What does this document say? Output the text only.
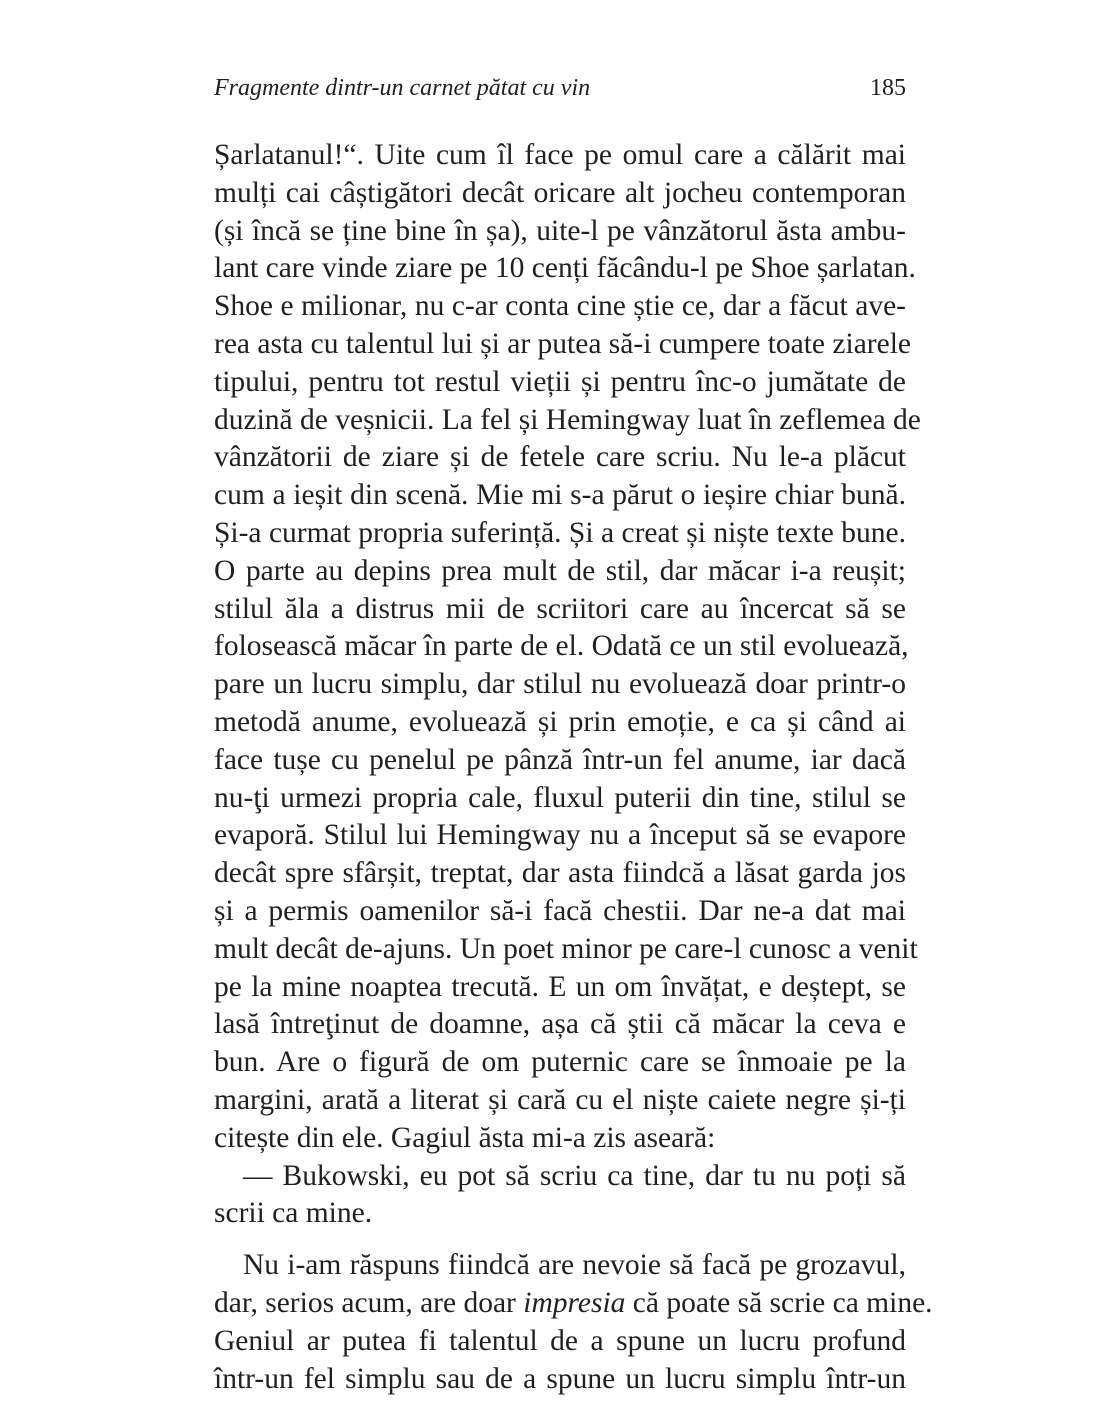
Fragmente dintr-un carnet pătat cu vin	185
Șarlatanul!“. Uite cum îl face pe omul care a călărit mai
mulți cai câștigători decât oricare alt jocheu contemporan
(și încă se ține bine în șa), uite-l pe vânzătorul ăsta ambu-
lant care vinde ziare pe 10 cenți făcându-l pe Shoe șarlatan.
Shoe e milionar, nu c-ar conta cine știe ce, dar a făcut ave-
rea asta cu talentul lui și ar putea să-i cumpere toate ziarele
tipului, pentru tot restul vieții și pentru înc-o jumătate de
duzină de veșnicii. La fel și Hemingway luat în zeflemea de
vânzătorii de ziare și de fetele care scriu. Nu le-a plăcut
cum a ieșit din scenă. Mie mi s-a părut o ieșire chiar bună.
Și-a curmat propria suferință. Și a creat și niște texte bune.
O parte au depins prea mult de stil, dar măcar i-a reușit;
stilul ăla a distrus mii de scriitori care au încercat să se
folosească măcar în parte de el. Odată ce un stil evoluează,
pare un lucru simplu, dar stilul nu evoluează doar printr-o
metodă anume, evoluează și prin emoție, e ca și când ai
face tușe cu penelul pe pânză într-un fel anume, iar dacă
nu-ţi urmezi propria cale, fluxul puterii din tine, stilul se
evaporă. Stilul lui Hemingway nu a început să se evapore
decât spre sfârșit, treptat, dar asta fiindcă a lăsat garda jos
și a permis oamenilor să-i facă chestii. Dar ne-a dat mai
mult decât de-ajuns. Un poet minor pe care-l cunosc a venit
pe la mine noaptea trecută. E un om învățat, e deștept, se
lasă întreţinut de doamne, așa că știi că măcar la ceva e
bun. Are o figură de om puternic care se înmoaie pe la
margini, arată a literat și cară cu el niște caiete negre și-ți
citește din ele. Gagiul ăsta mi-a zis aseară:
— Bukowski, eu pot să scriu ca tine, dar tu nu poți să
scrii ca mine.
Nu i-am răspuns fiindcă are nevoie să facă pe grozavul,
dar, serios acum, are doar impresia că poate să scrie ca mine.
Geniul ar putea fi talentul de a spune un lucru profund
într-un fel simplu sau de a spune un lucru simplu într-un
